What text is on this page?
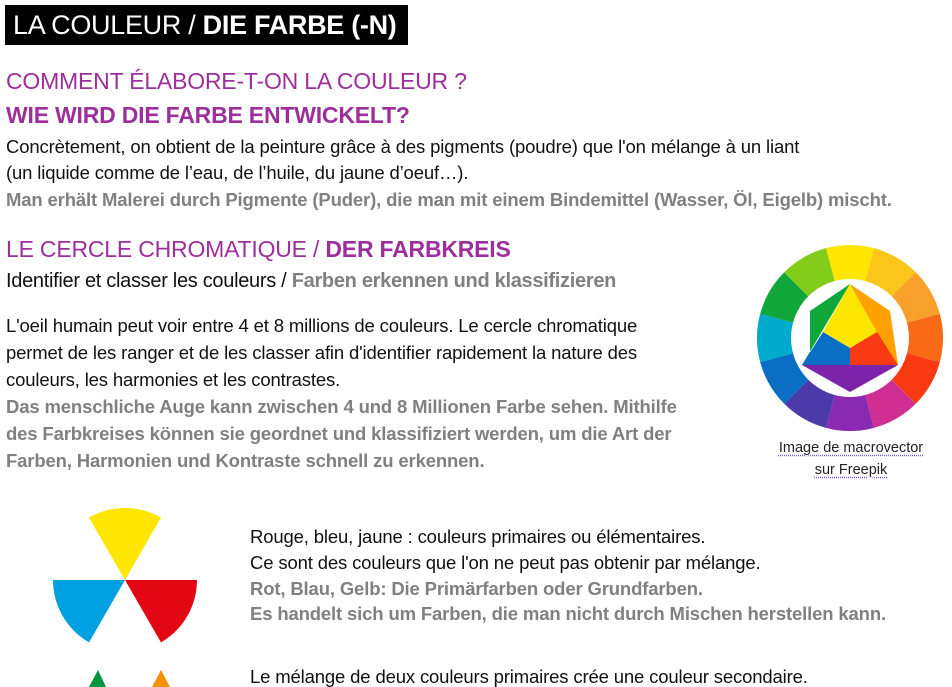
LA COULEUR / DIE FARBE (-N)
COMMENT ÉLABORE-T-ON LA COULEUR ?
WIE WIRD DIE FARBE ENTWICKELT?
Concrètement, on obtient de la peinture grâce à des pigments (poudre) que l'on mélange à un liant
(un liquide comme de l’eau, de l’huile, du jaune d’oeuf…).
Man erhält Malerei durch Pigmente (Puder), die man mit einem Bindemittel (Wasser, Öl, Eigelb) mischt.
LE CERCLE CHROMATIQUE / DER FARBKREIS
Identifier et classer les couleurs / Farben erkennen und klassifizieren
L'oeil humain peut voir entre 4 et 8 millions de couleurs. Le cercle chromatique
permet de les ranger et de les classer afin d'identifier rapidement la nature des
couleurs, les harmonies et les contrastes.
Das menschliche Auge kann zwischen 4 und 8 Millionen Farbe sehen. Mithilfe
des Farbkreises können sie geordnet und klassifiziert werden, um die Art der
Farben, Harmonien und Kontraste schnell zu erkennen.
Image de macrovector
sur Freepik
Rouge, bleu, jaune : couleurs primaires ou élémentaires.
Ce sont des couleurs que l'on ne peut pas obtenir par mélange.
Rot, Blau, Gelb: Die Primärfarben oder Grundfarben.
Es handelt sich um Farben, die man nicht durch Mischen herstellen kann.
Le mélange de deux couleurs primaires crée une couleur secondaire.
